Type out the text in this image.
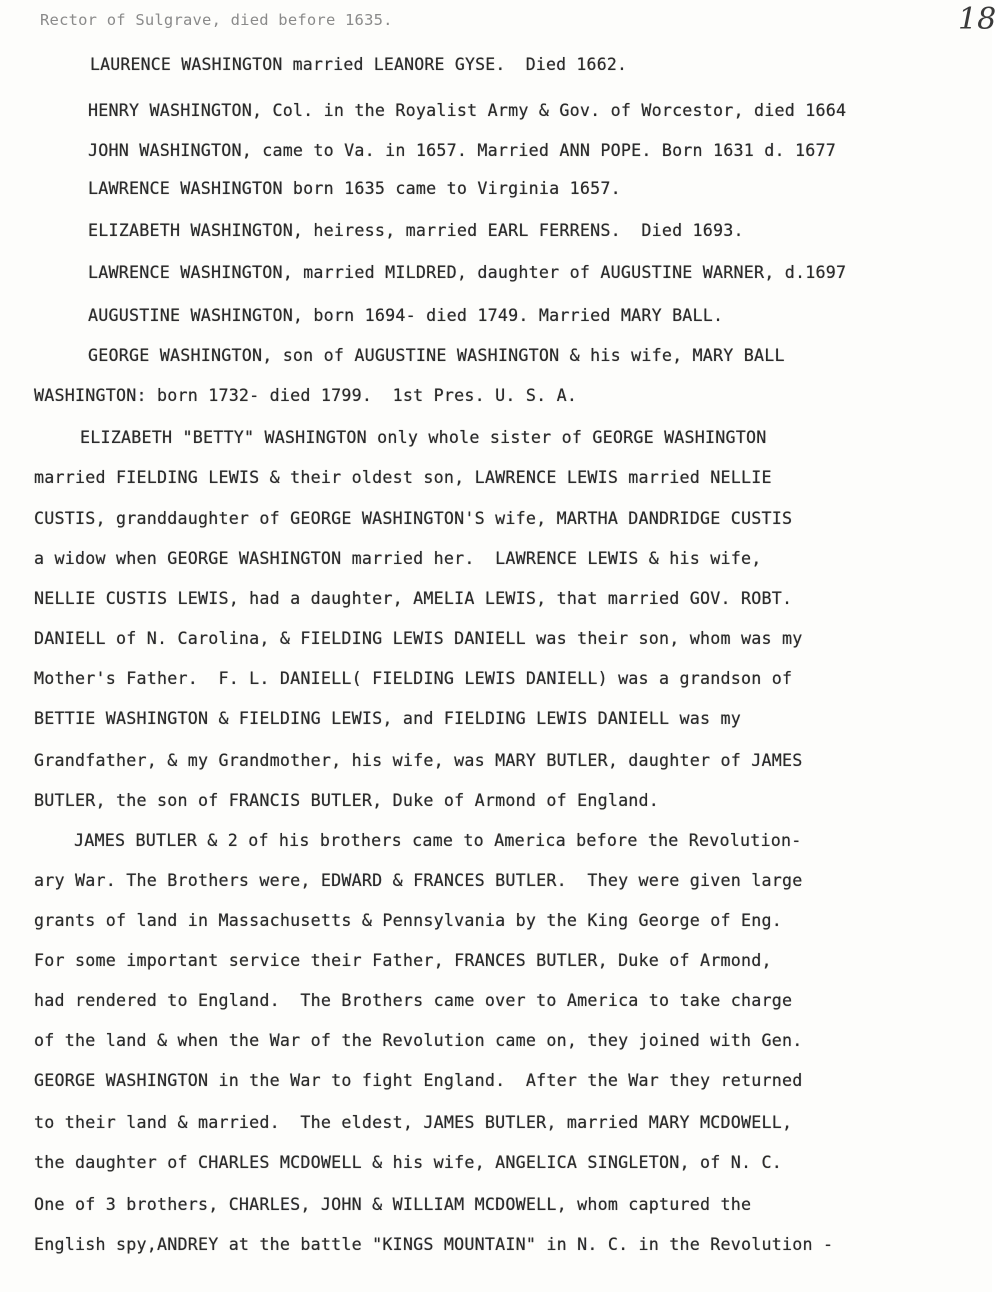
18
Rector of Sulgrave, died before 1635.
LAURENCE WASHINGTON married LEANORE GYSE.  Died 1662.
HENRY WASHINGTON, Col. in the Royalist Army & Gov. of Worcestor, died 1664
JOHN WASHINGTON, came to Va. in 1657. Married ANN POPE. Born 1631 d. 1677
LAWRENCE WASHINGTON born 1635 came to Virginia 1657.
ELIZABETH WASHINGTON, heiress, married EARL FERRENS.  Died 1693.
LAWRENCE WASHINGTON, married MILDRED, daughter of AUGUSTINE WARNER, d.1697
AUGUSTINE WASHINGTON, born 1694- died 1749. Married MARY BALL.
GEORGE WASHINGTON, son of AUGUSTINE WASHINGTON & his wife, MARY BALL
WASHINGTON: born 1732- died 1799.  1st Pres. U. S. A.
ELIZABETH "BETTY" WASHINGTON only whole sister of GEORGE WASHINGTON
married FIELDING LEWIS & their oldest son, LAWRENCE LEWIS married NELLIE
CUSTIS, granddaughter of GEORGE WASHINGTON'S wife, MARTHA DANDRIDGE CUSTIS
a widow when GEORGE WASHINGTON married her.  LAWRENCE LEWIS & his wife,
NELLIE CUSTIS LEWIS, had a daughter, AMELIA LEWIS, that married GOV. ROBT.
DANIELL of N. Carolina, & FIELDING LEWIS DANIELL was their son, whom was my
Mother's Father.  F. L. DANIELL( FIELDING LEWIS DANIELL) was a grandson of
BETTIE WASHINGTON & FIELDING LEWIS, and FIELDING LEWIS DANIELL was my
Grandfather, & my Grandmother, his wife, was MARY BUTLER, daughter of JAMES
BUTLER, the son of FRANCIS BUTLER, Duke of Armond of England.
JAMES BUTLER & 2 of his brothers came to America before the Revolution-
ary War. The Brothers were, EDWARD & FRANCES BUTLER.  They were given large
grants of land in Massachusetts & Pennsylvania by the King George of Eng.
For some important service their Father, FRANCES BUTLER, Duke of Armond,
had rendered to England.  The Brothers came over to America to take charge
of the land & when the War of the Revolution came on, they joined with Gen.
GEORGE WASHINGTON in the War to fight England.  After the War they returned
to their land & married.  The eldest, JAMES BUTLER, married MARY MCDOWELL,
the daughter of CHARLES MCDOWELL & his wife, ANGELICA SINGLETON, of N. C.
One of 3 brothers, CHARLES, JOHN & WILLIAM MCDOWELL, whom captured the
English spy,ANDREY at the battle "KINGS MOUNTAIN" in N. C. in the Revolution -
